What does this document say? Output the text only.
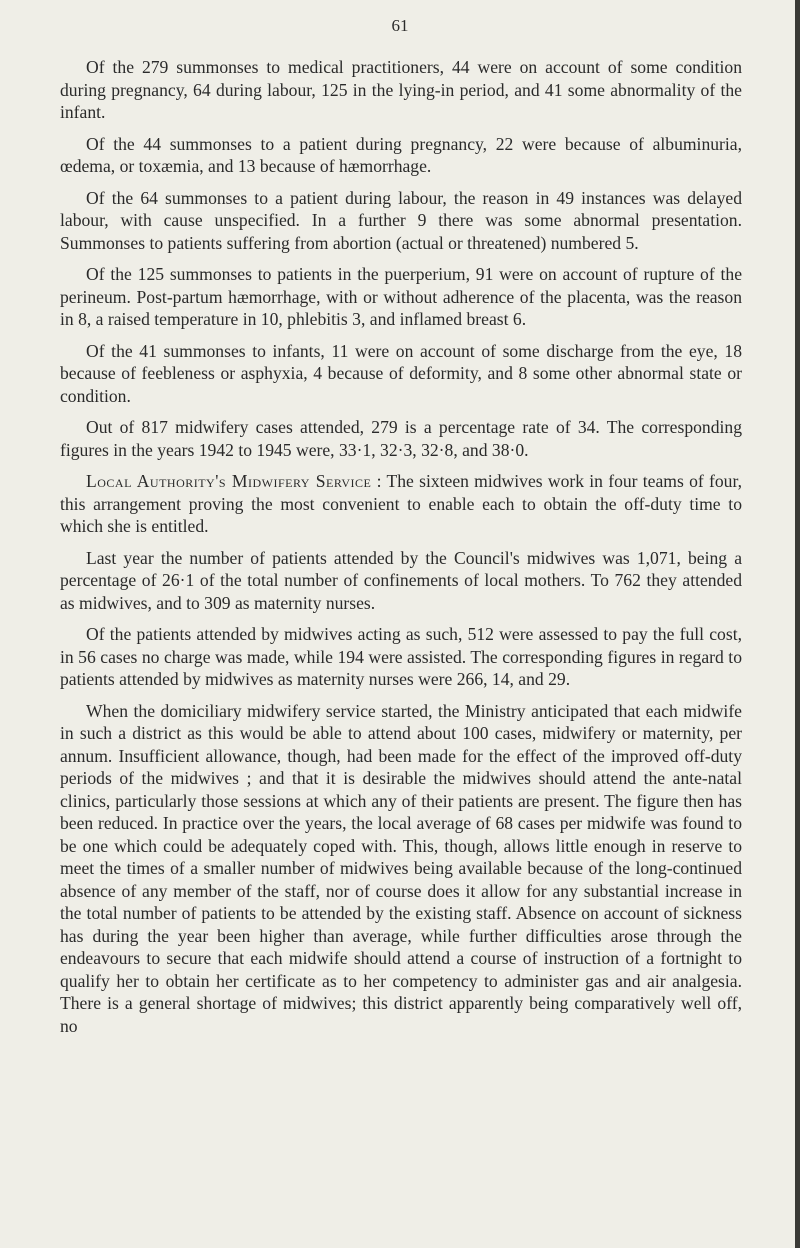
61

Of the 279 summonses to medical practitioners, 44 were on account of some condition during pregnancy, 64 during labour, 125 in the lying-in period, and 41 some abnormality of the infant.

Of the 44 summonses to a patient during pregnancy, 22 were because of albuminuria, œdema, or toxæmia, and 13 because of hæmorrhage.

Of the 64 summonses to a patient during labour, the reason in 49 instances was delayed labour, with cause unspecified. In a further 9 there was some abnormal presentation. Summonses to patients suffering from abortion (actual or threatened) numbered 5.

Of the 125 summonses to patients in the puerperium, 91 were on account of rupture of the perineum. Post-partum hæmorrhage, with or without adherence of the placenta, was the reason in 8, a raised temperature in 10, phlebitis 3, and inflamed breast 6.

Of the 41 summonses to infants, 11 were on account of some discharge from the eye, 18 because of feebleness or asphyxia, 4 because of deformity, and 8 some other abnormal state or condition.

Out of 817 midwifery cases attended, 279 is a percentage rate of 34. The corresponding figures in the years 1942 to 1945 were, 33·1, 32·3, 32·8, and 38·0.

Local Authority's Midwifery Service : The sixteen midwives work in four teams of four, this arrangement proving the most convenient to enable each to obtain the off-duty time to which she is entitled.

Last year the number of patients attended by the Council's midwives was 1,071, being a percentage of 26·1 of the total number of confinements of local mothers. To 762 they attended as midwives, and to 309 as maternity nurses.

Of the patients attended by midwives acting as such, 512 were assessed to pay the full cost, in 56 cases no charge was made, while 194 were assisted. The corresponding figures in regard to patients attended by midwives as maternity nurses were 266, 14, and 29.

When the domiciliary midwifery service started, the Ministry anticipated that each midwife in such a district as this would be able to attend about 100 cases, midwifery or maternity, per annum. Insufficient allowance, though, had been made for the effect of the improved off-duty periods of the midwives ; and that it is desirable the midwives should attend the ante-natal clinics, particularly those sessions at which any of their patients are present. The figure then has been reduced. In practice over the years, the local average of 68 cases per midwife was found to be one which could be adequately coped with. This, though, allows little enough in reserve to meet the times of a smaller number of midwives being available because of the long-continued absence of any member of the staff, nor of course does it allow for any substantial increase in the total number of patients to be attended by the existing staff. Absence on account of sickness has during the year been higher than average, while further difficulties arose through the endeavours to secure that each midwife should attend a course of instruction of a fortnight to qualify her to obtain her certificate as to her competency to administer gas and air analgesia. There is a general shortage of midwives; this district apparently being comparatively well off, no
